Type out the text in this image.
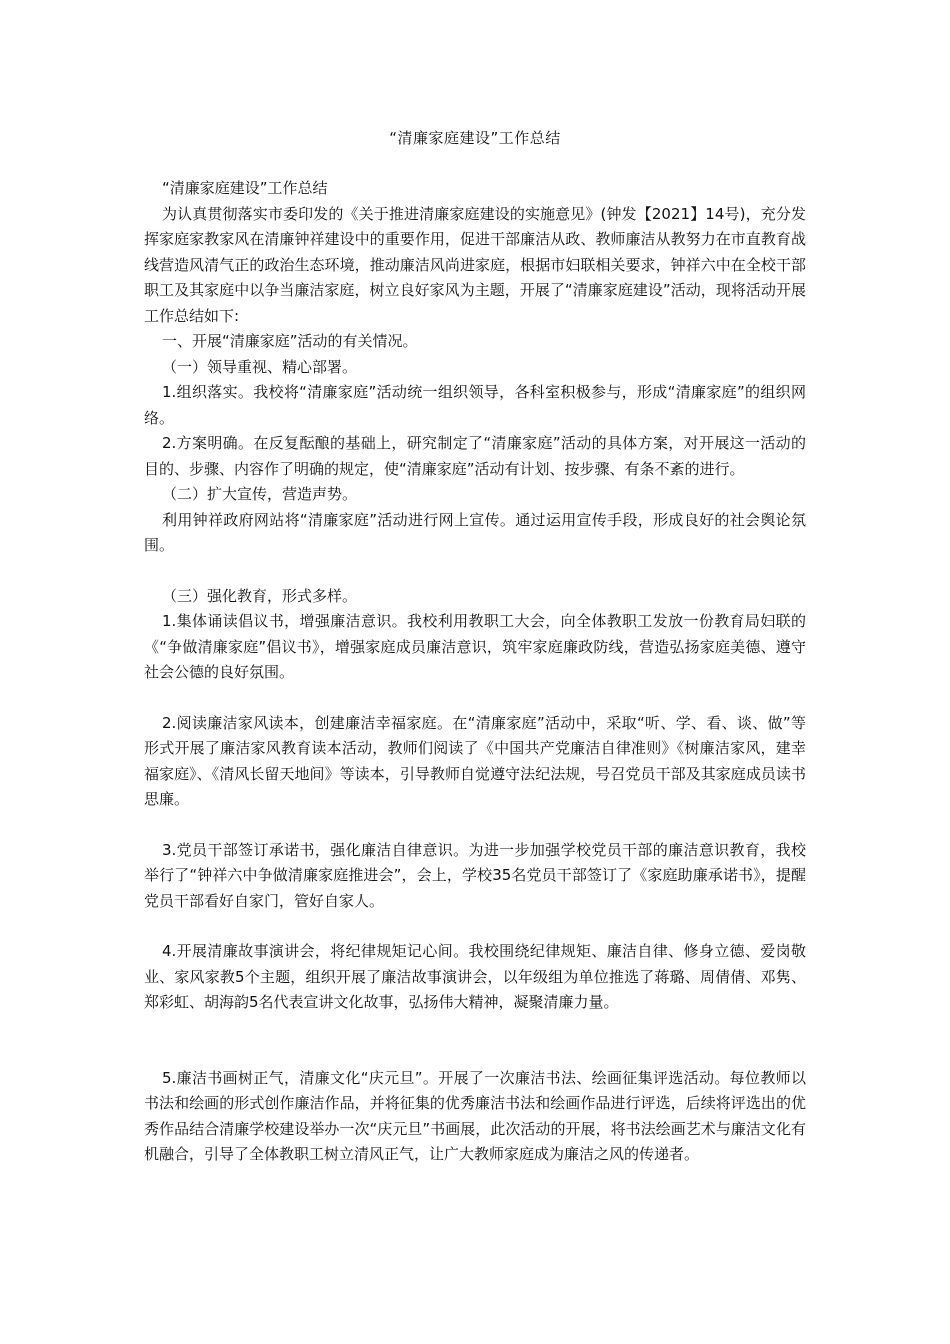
“清廉家庭建设”工作总结

“清廉家庭建设”工作总结

为认真贯彻落实市委印发的《关于推进清廉家庭建设的实施意见》(钟发【2021】14号)，充分发挥家庭家教家风在清廉钟祥建设中的重要作用，促进干部廉洁从政、教师廉洁从教努力在市直教育战线营造风清气正的政治生态环境，推动廉洁风尚进家庭，根据市妇联相关要求，钟祥六中在全校干部职工及其家庭中以争当廉洁家庭，树立良好家风为主题，开展了“清廉家庭建设”活动，现将活动开展工作总结如下:

一、开展“清廉家庭”活动的有关情况。

（一）领导重视、精心部署。

1.组织落实。我校将“清廉家庭”活动统一组织领导，各科室积极参与，形成“清廉家庭”的组织网络。

2.方案明确。在反复酝酿的基础上，研究制定了“清廉家庭”活动的具体方案，对开展这一活动的目的、步骤、内容作了明确的规定，使“清廉家庭”活动有计划、按步骤、有条不紊的进行。

（二）扩大宣传，营造声势。

利用钟祥政府网站将“清廉家庭”活动进行网上宣传。通过运用宣传手段，形成良好的社会舆论氛围。

（三）强化教育，形式多样。

1.集体诵读倡议书，增强廉洁意识。我校利用教职工大会，向全体教职工发放一份教育局妇联的《“争做清廉家庭”倡议书》，增强家庭成员廉洁意识，筑牢家庭廉政防线，营造弘扬家庭美德、遵守社会公德的良好氛围。

2.阅读廉洁家风读本，创建廉洁幸福家庭。在“清廉家庭”活动中，采取“听、学、看、谈、做”等形式开展了廉洁家风教育读本活动，教师们阅读了《中国共产党廉洁自律准则》《树廉洁家风，建幸福家庭》、《清风长留天地间》等读本，引导教师自觉遵守法纪法规，号召党员干部及其家庭成员读书思廉。

3.党员干部签订承诺书，强化廉洁自律意识。为进一步加强学校党员干部的廉洁意识教育，我校举行了“钟祥六中争做清廉家庭推进会”，会上，学校35名党员干部签订了《家庭助廉承诺书》，提醒党员干部看好自家门，管好自家人。

4.开展清廉故事演讲会，将纪律规矩记心间。我校围绕纪律规矩、廉洁自律、修身立德、爱岗敬业、家风家教5个主题，组织开展了廉洁故事演讲会，以年级组为单位推选了蒋璐、周倩倩、邓隽、郑彩虹、胡海韵5名代表宣讲文化故事，弘扬伟大精神，凝聚清廉力量。

5.廉洁书画树正气，清廉文化“庆元旦”。开展了一次廉洁书法、绘画征集评选活动。每位教师以书法和绘画的形式创作廉洁作品，并将征集的优秀廉洁书法和绘画作品进行评选，后续将评选出的优秀作品结合清廉学校建设举办一次“庆元旦”书画展，此次活动的开展，将书法绘画艺术与廉洁文化有机融合，引导了全体教职工树立清风正气，让广大教师家庭成为廉洁之风的传递者。
